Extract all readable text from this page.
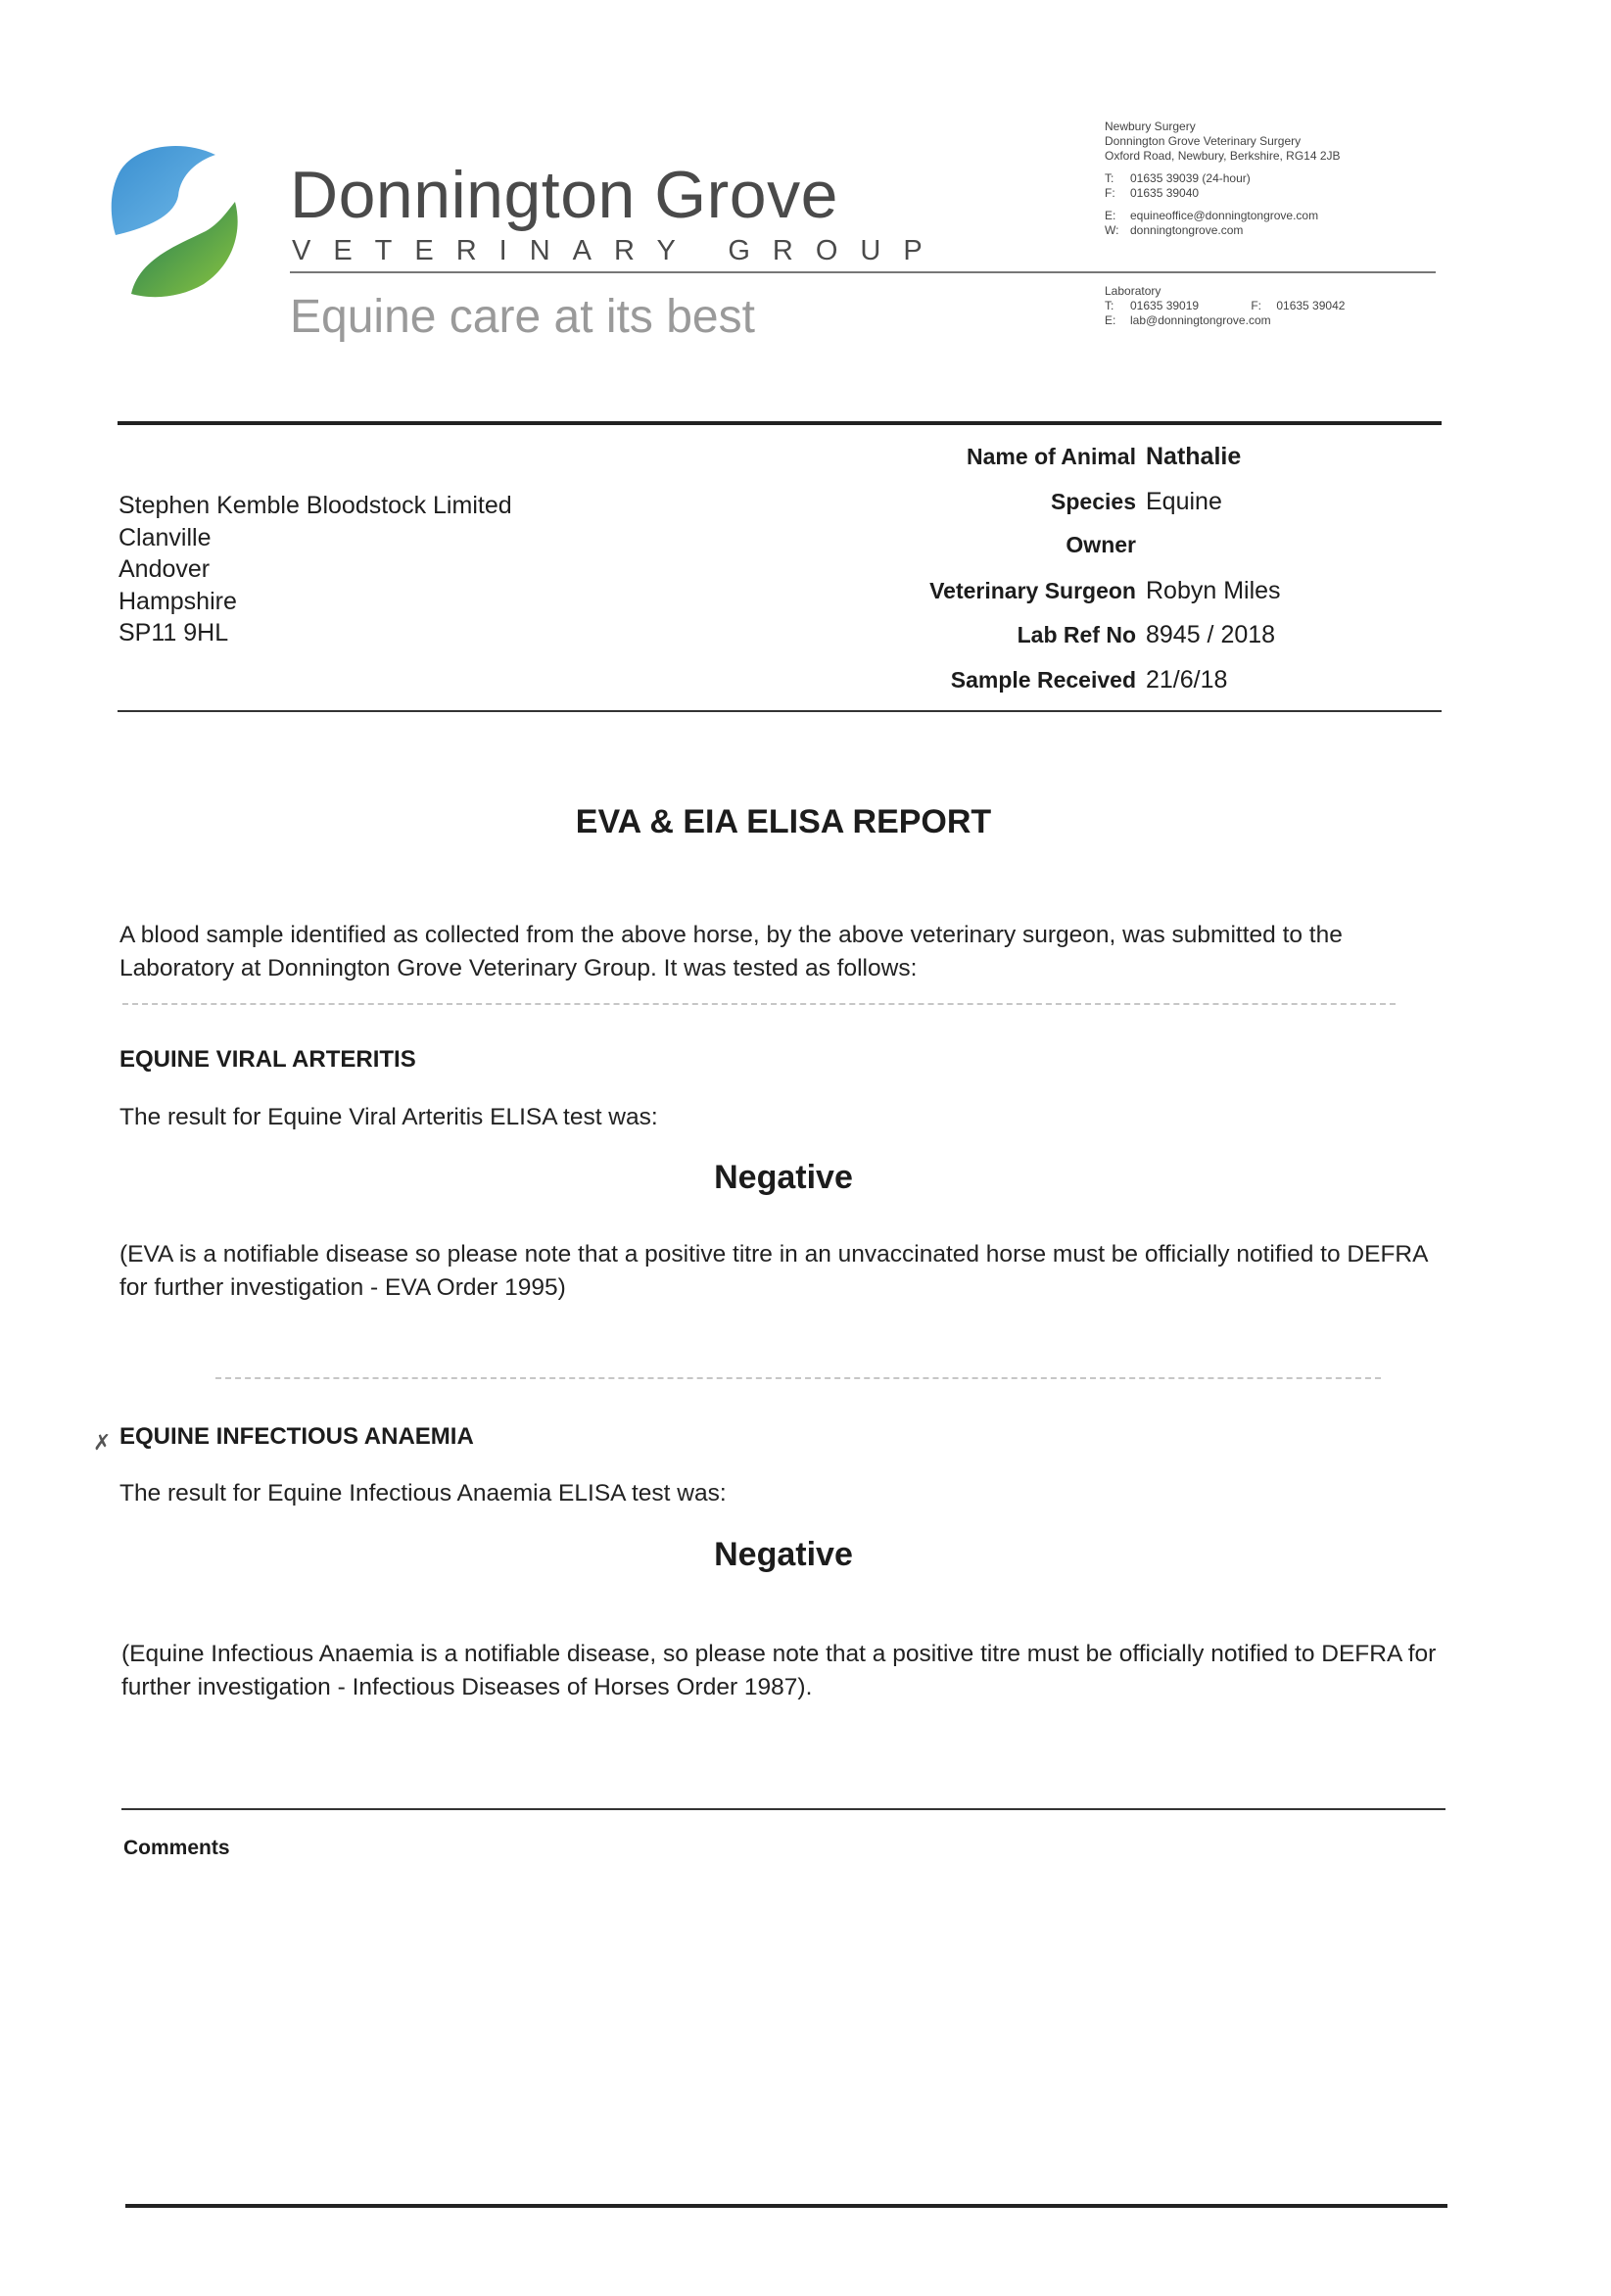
Donnington Grove
VETERINARY GROUP
Equine care at its best
Newbury Surgery
Donnington Grove Veterinary Surgery
Oxford Road, Newbury, Berkshire, RG14 2JB
T: 01635 39039 (24-hour)
F: 01635 39040
E: equineoffice@donningtongrove.com
W: donningtongrove.com
Laboratory
T: 01635 39019	F: 01635 39042
E: lab@donningtongrove.com
Stephen Kemble Bloodstock Limited
Clanville
Andover
Hampshire
SP11 9HL
Name of Animal Nathalie
Species Equine
Owner
Veterinary Surgeon Robyn Miles
Lab Ref No 8945 / 2018
Sample Received 21/6/18
EVA & EIA ELISA REPORT
A blood sample identified as collected from the above horse, by the above veterinary surgeon, was submitted to the Laboratory at Donnington Grove Veterinary Group. It was tested as follows:
EQUINE VIRAL ARTERITIS
The result for Equine Viral Arteritis ELISA test was:
Negative
(EVA is a notifiable disease so please note that a positive titre in an unvaccinated horse must be officially notified to DEFRA for further investigation - EVA Order 1995)
✗ EQUINE INFECTIOUS ANAEMIA
The result for Equine Infectious Anaemia ELISA test was:
Negative
(Equine Infectious Anaemia is a notifiable disease, so please note that a positive titre must be officially notified to DEFRA for further investigation - Infectious Diseases of Horses Order 1987).
Comments
